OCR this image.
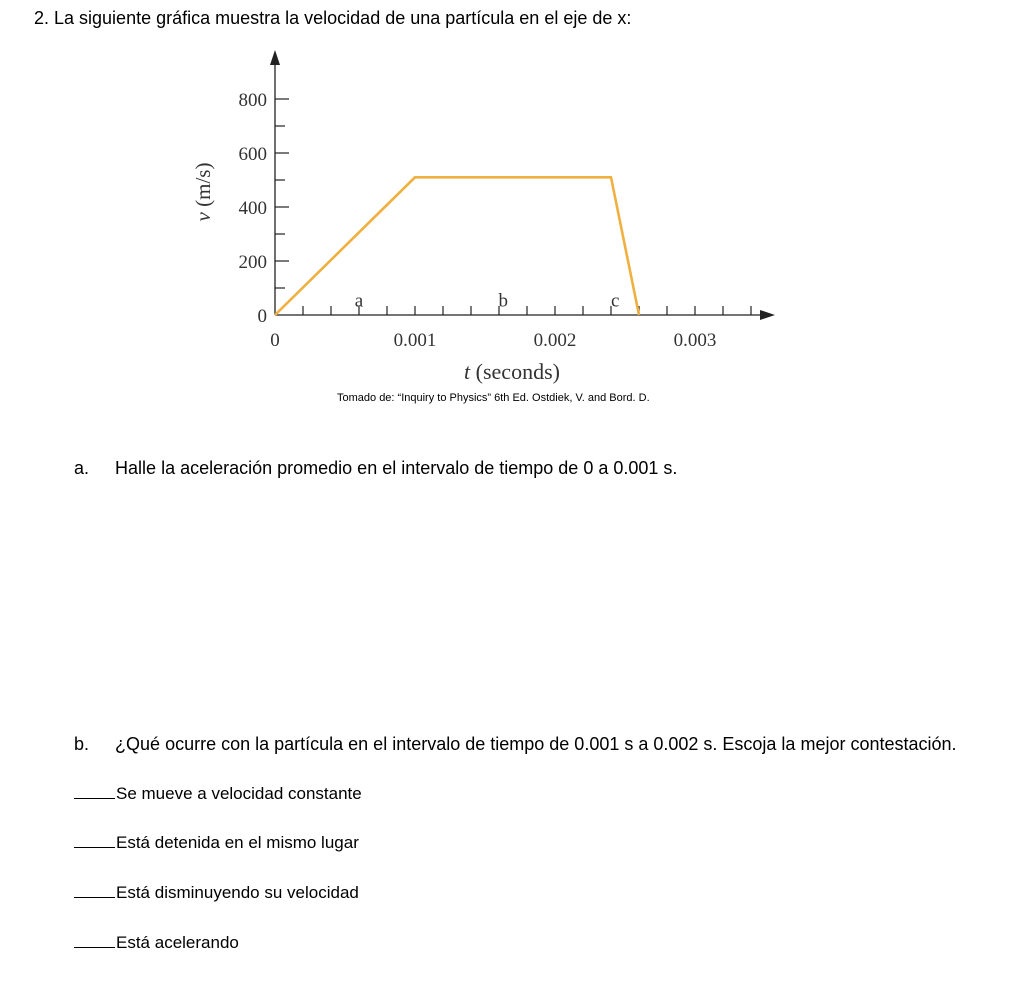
2. La siguiente gráfica muestra la velocidad de una partícula en el eje de x:
0	0.001	0.002	0.003
0
200
400
600
800
a	b	c
t (seconds)
v (m/s)
Tomado de: “Inquiry to Physics” 6th Ed. Ostdiek, V. and Bord. D.
a. Halle la aceleración promedio en el intervalo de tiempo de 0 a 0.001 s.
b. ¿Qué ocurre con la partícula en el intervalo de tiempo de 0.001 s a 0.002 s. Escoja la mejor contestación.
Se mueve a velocidad constante
Está detenida en el mismo lugar
Está disminuyendo su velocidad
Está acelerando
